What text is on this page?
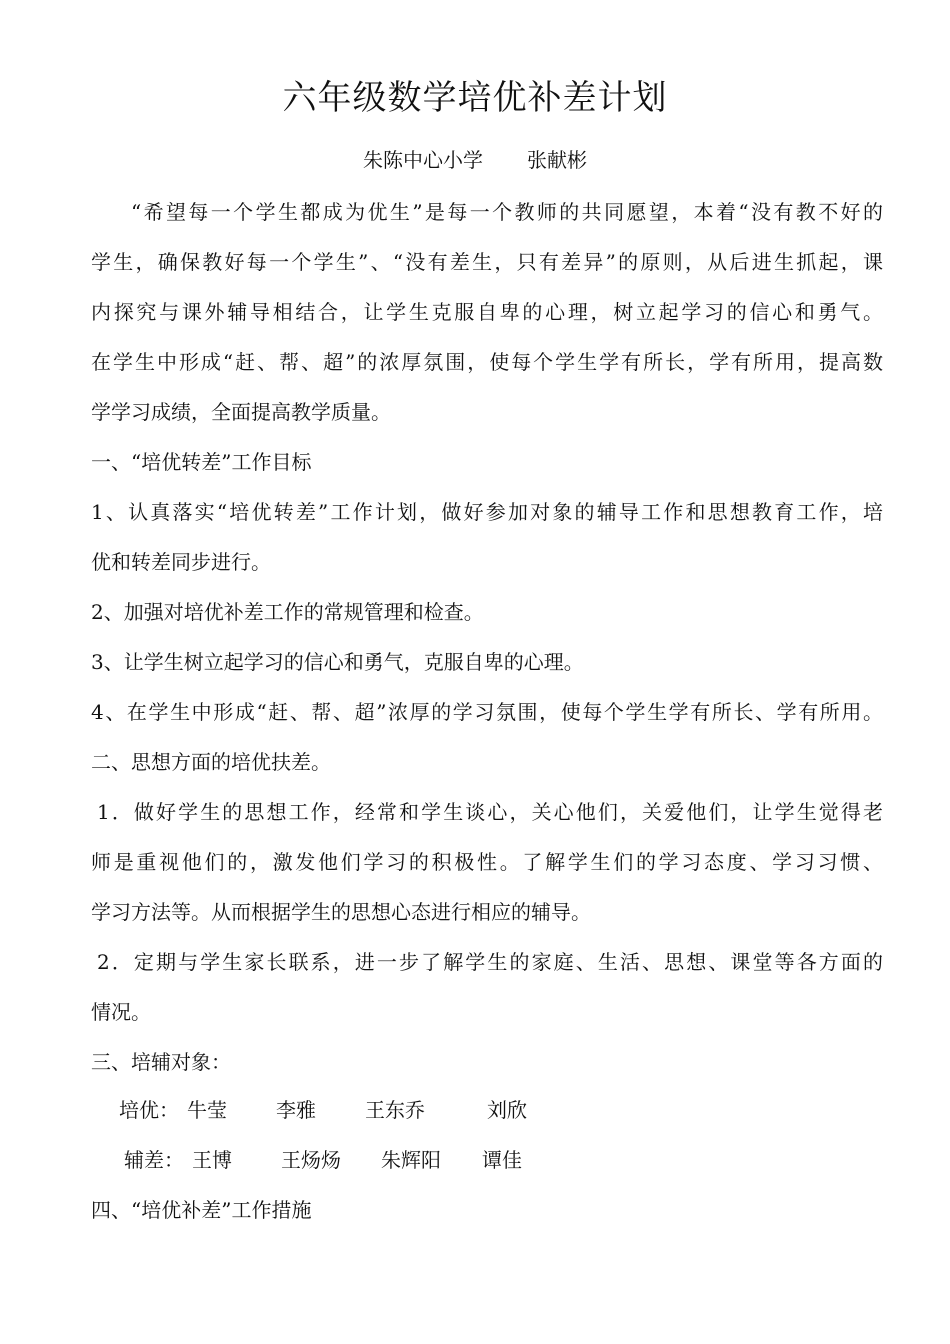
六年级数学培优补差计划
朱陈中心小学 张献彬
“希望每一个学生都成为优生”是每一个教师的共同愿望，本着“没有教不好的
学生，确保教好每一个学生”、“没有差生，只有差异”的原则，从后进生抓起，课
内探究与课外辅导相结合，让学生克服自卑的心理，树立起学习的信心和勇气。
在学生中形成“赶、帮、超”的浓厚氛围，使每个学生学有所长，学有所用，提高数
学学习成绩，全面提高教学质量。
一、“培优转差”工作目标
1、认真落实“培优转差”工作计划，做好参加对象的辅导工作和思想教育工作，培
优和转差同步进行。
2、加强对培优补差工作的常规管理和检查。
3、让学生树立起学习的信心和勇气，克服自卑的心理。
4、在学生中形成“赶、帮、超”浓厚的学习氛围，使每个学生学有所长、学有所用。
二、思想方面的培优扶差。
1．做好学生的思想工作，经常和学生谈心，关心他们，关爱他们，让学生觉得老
师是重视他们的，激发他们学习的积极性。了解学生们的学习态度、学习习惯、
学习方法等。从而根据学生的思想心态进行相应的辅导。
2．定期与学生家长联系，进一步了解学生的家庭、生活、思想、课堂等各方面的
情况。
三、培辅对象：
培优： 牛莹 李雅 王东乔	刘欣
辅差： 王博 王炀炀 朱辉阳 谭佳
四、“培优补差”工作措施
